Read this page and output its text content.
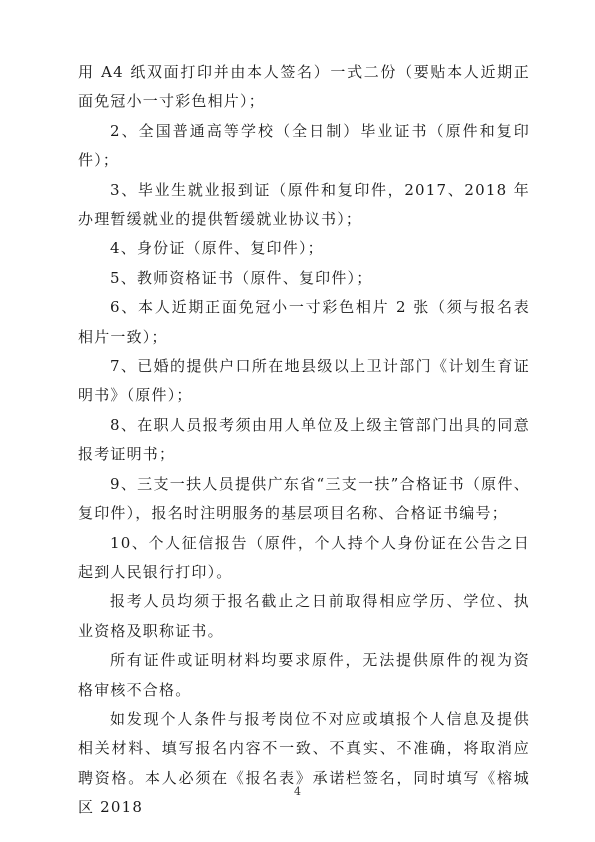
用 A4 纸双面打印并由本人签名）一式二份（要贴本人近期正面免冠小一寸彩色相片）；

2、全国普通高等学校（全日制）毕业证书（原件和复印件）；

3、毕业生就业报到证（原件和复印件，2017、2018 年办理暂缓就业的提供暂缓就业协议书）；

4、身份证（原件、复印件）；

5、教师资格证书（原件、复印件）；

6、本人近期正面免冠小一寸彩色相片 2 张（须与报名表相片一致）；

7、已婚的提供户口所在地县级以上卫计部门《计划生育证明书》（原件）；

8、在职人员报考须由用人单位及上级主管部门出具的同意报考证明书；

9、三支一扶人员提供广东省“三支一扶”合格证书（原件、复印件），报名时注明服务的基层项目名称、合格证书编号；

10、个人征信报告（原件，个人持个人身份证在公告之日起到人民银行打印）。

报考人员均须于报名截止之日前取得相应学历、学位、执业资格及职称证书。

所有证件或证明材料均要求原件，无法提供原件的视为资格审核不合格。

如发现个人条件与报考岗位不对应或填报个人信息及提供相关材料、填写报名内容不一致、不真实、不准确，将取消应聘资格。本人必须在《报名表》承诺栏签名，同时填写《榕城区 2018

4
